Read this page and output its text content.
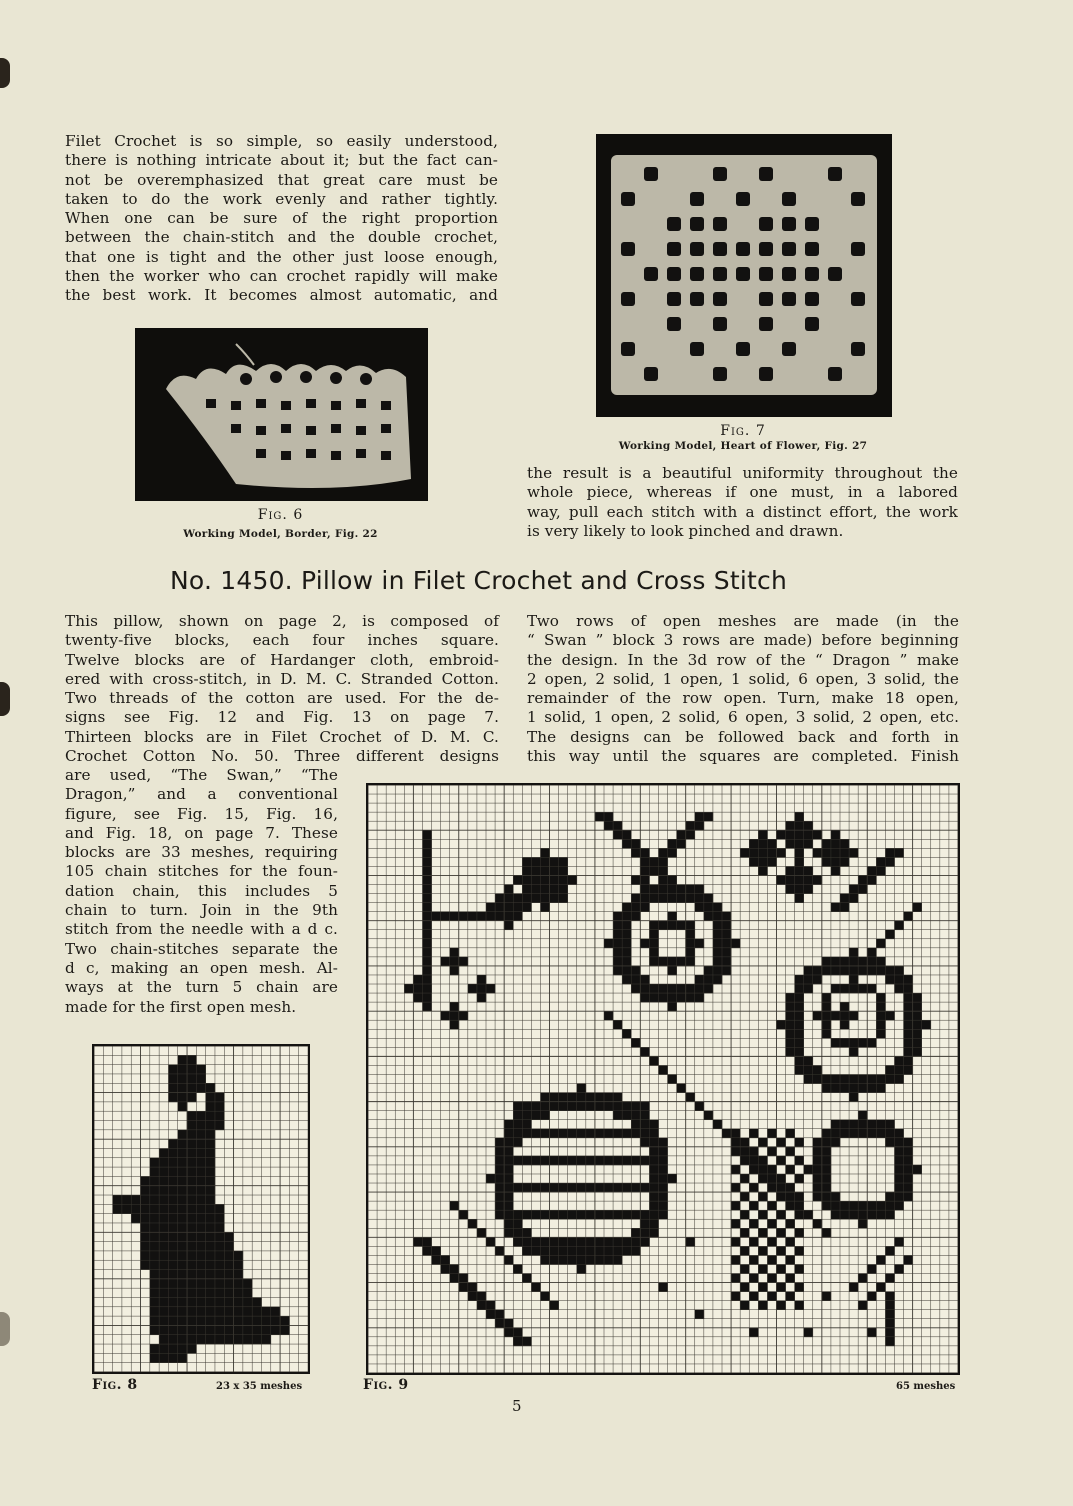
Filet Crochet is so simple, so easily understood,
there is nothing intricate about it; but the fact can-
not be overemphasized that great care must be
taken to do the work evenly and rather tightly.
When one can be sure of the right proportion
between the chain-stitch and the double crochet,
that one is tight and the other just loose enough,
then the worker who can crochet rapidly will make
the best work. It becomes almost automatic, and
Fig. 6
Working Model, Border, Fig. 22
Fig. 7
Working Model, Heart of Flower, Fig. 27
the result is a beautiful uniformity throughout the
whole piece, whereas if one must, in a labored
way, pull each stitch with a distinct effort, the work
is very likely to look pinched and drawn.
No. 1450. Pillow in Filet Crochet and Cross Stitch
This pillow, shown on page 2, is composed of
twenty-five blocks, each four inches square.
Twelve blocks are of Hardanger cloth, embroid-
ered with cross-stitch, in D. M. C. Stranded Cotton.
Two threads of the cotton are used. For the de-
signs see Fig. 12 and Fig. 13 on page 7.
Thirteen blocks are in Filet Crochet of D. M. C.
Crochet Cotton No. 50. Three different designs
are used, “The Swan,” “The
Dragon,” and a conventional
figure, see Fig. 15, Fig. 16,
and Fig. 18, on page 7. These
blocks are 33 meshes, requiring
105 chain stitches for the foun-
dation chain, this includes 5
chain to turn. Join in the 9th
stitch from the needle with a d c.
Two chain-stitches separate the
d c, making an open mesh. Al-
ways at the turn 5 chain are
made for the first open mesh.
Two rows of open meshes are made (in the
“ Swan ” block 3 rows are made) before beginning
the design. In the 3d row of the “ Dragon ” make
2 open, 2 solid, 1 open, 1 solid, 6 open, 3 solid, the
remainder of the row open. Turn, make 18 open,
1 solid, 1 open, 2 solid, 6 open, 3 solid, 2 open, etc.
The designs can be followed back and forth in
this way until the squares are completed. Finish
Fig. 8	23 x 35 meshes	Fig. 9	65 meshes
5
